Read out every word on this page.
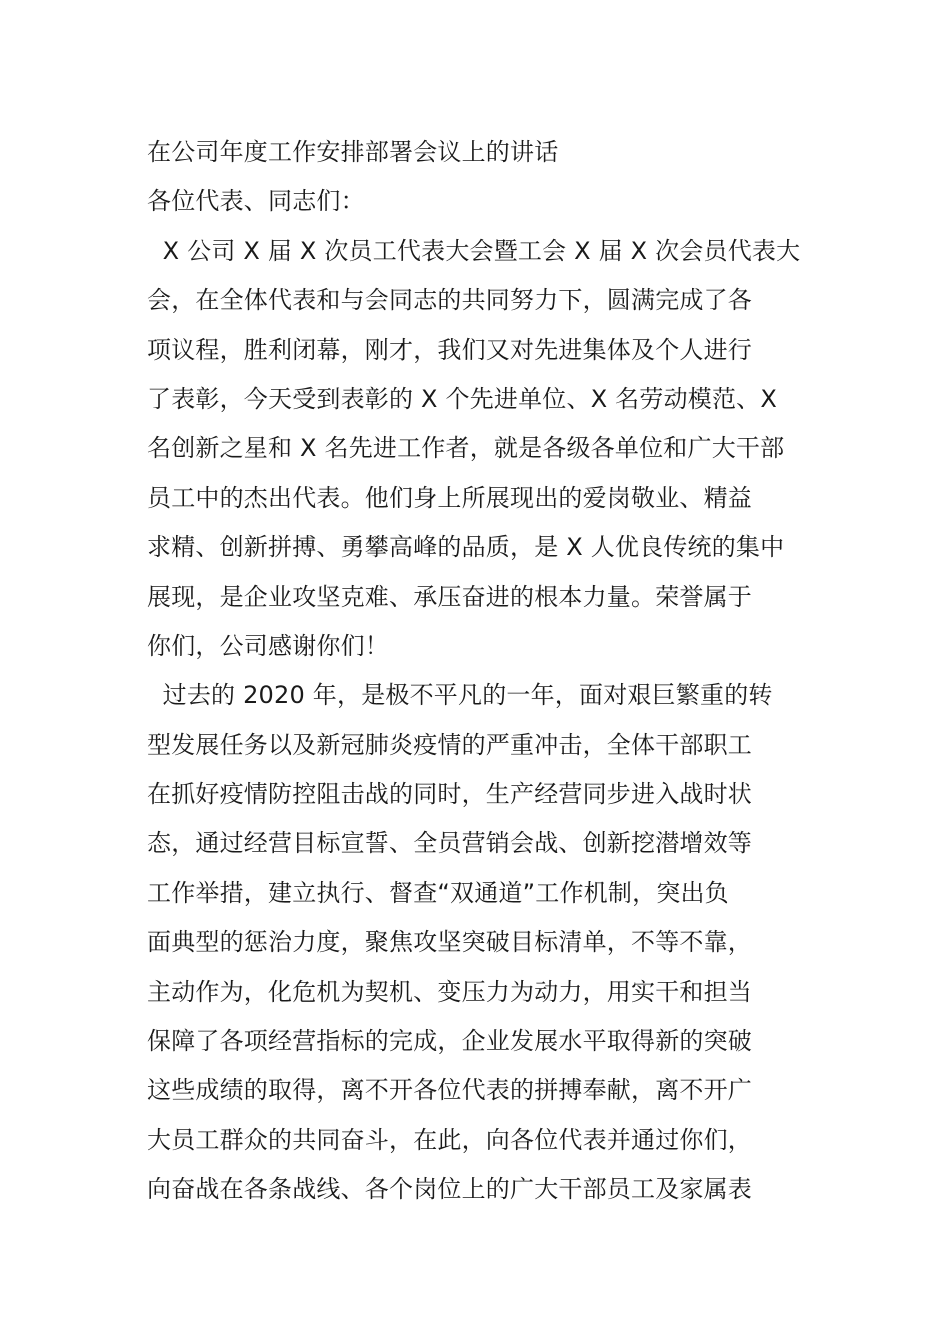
在公司年度工作安排部署会议上的讲话
各位代表、同志们：
X 公司 X 届 X 次员工代表大会暨工会 X 届 X 次会员代表大
会，在全体代表和与会同志的共同努力下，圆满完成了各
项议程，胜利闭幕，刚才，我们又对先进集体及个人进行
了表彰，今天受到表彰的 X 个先进单位、X 名劳动模范、X
名创新之星和 X 名先进工作者，就是各级各单位和广大干部
员工中的杰出代表。他们身上所展现出的爱岗敬业、精益
求精、创新拼搏、勇攀高峰的品质，是 X 人优良传统的集中
展现，是企业攻坚克难、承压奋进的根本力量。荣誉属于
你们，公司感谢你们！
过去的 2020 年，是极不平凡的一年，面对艰巨繁重的转
型发展任务以及新冠肺炎疫情的严重冲击，全体干部职工
在抓好疫情防控阻击战的同时，生产经营同步进入战时状
态，通过经营目标宣誓、全员营销会战、创新挖潜增效等
工作举措，建立执行、督查“双通道”工作机制，突出负
面典型的惩治力度，聚焦攻坚突破目标清单，不等不靠，
主动作为，化危机为契机、变压力为动力，用实干和担当
保障了各项经营指标的完成，企业发展水平取得新的突破
这些成绩的取得，离不开各位代表的拼搏奉献，离不开广
大员工群众的共同奋斗，在此，向各位代表并通过你们，
向奋战在各条战线、各个岗位上的广大干部员工及家属表
